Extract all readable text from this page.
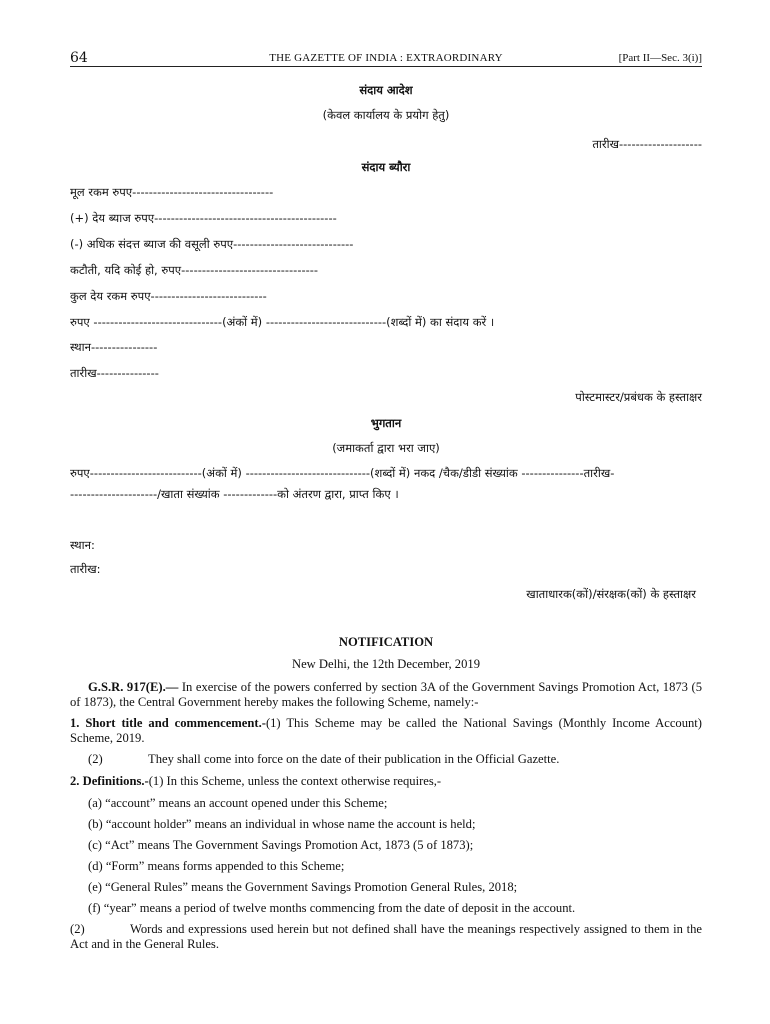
64	THE GAZETTE OF INDIA : EXTRAORDINARY	[Part II—Sec. 3(i)]
संदाय आदेश
(केवल कार्यालय के प्रयोग हेतु)
तारीख--------------------
संदाय ब्यौरा
मूल रकम रुपए----------------------------------
(+) देय ब्याज रुपए--------------------------------------------
(-) अधिक संदत्त ब्याज की वसूली रुपए-----------------------------
कटौती, यदि कोई हो, रुपए---------------------------------
कुल देय रकम रुपए----------------------------
रुपए -------------------------------(अंकों में) -----------------------------(शब्दों में) का संदाय करें ।
स्थान----------------
तारीख---------------
पोस्टमास्टर/प्रबंधक के हस्ताक्षर
भुगतान
(जमाकर्ता द्वारा भरा जाए)
रुपए---------------------------(अंकों में) ------------------------------(शब्दों में) नकद /चैक/डीडी संख्यांक ---------------तारीख-
---------------------/खाता संख्यांक -------------को अंतरण द्वारा, प्राप्त किए ।
स्थान:
तारीख:
खाताधारक(कों)/संरक्षक(कों) के हस्ताक्षर
NOTIFICATION
New Delhi, the 12th December, 2019
G.S.R. 917(E).— In exercise of the powers conferred by section 3A of the Government Savings Promotion Act, 1873 (5 of 1873), the Central Government hereby makes the following Scheme, namely:-
1. Short title and commencement.-(1) This Scheme may be called the National Savings (Monthly Income Account) Scheme, 2019.
(2)	They shall come into force on the date of their publication in the Official Gazette.
2. Definitions.-(1) In this Scheme, unless the context otherwise requires,-
(a) “account” means an account opened under this Scheme;
(b) “account holder” means an individual in whose name the account is held;
(c) “Act” means The Government Savings Promotion Act, 1873 (5 of 1873);
(d) “Form” means forms appended to this Scheme;
(e) “General Rules” means the Government Savings Promotion General Rules, 2018;
(f) “year” means a period of twelve months commencing from the date of deposit in the account.
(2)	Words and expressions used herein but not defined shall have the meanings respectively assigned to them in the Act and in the General Rules.
